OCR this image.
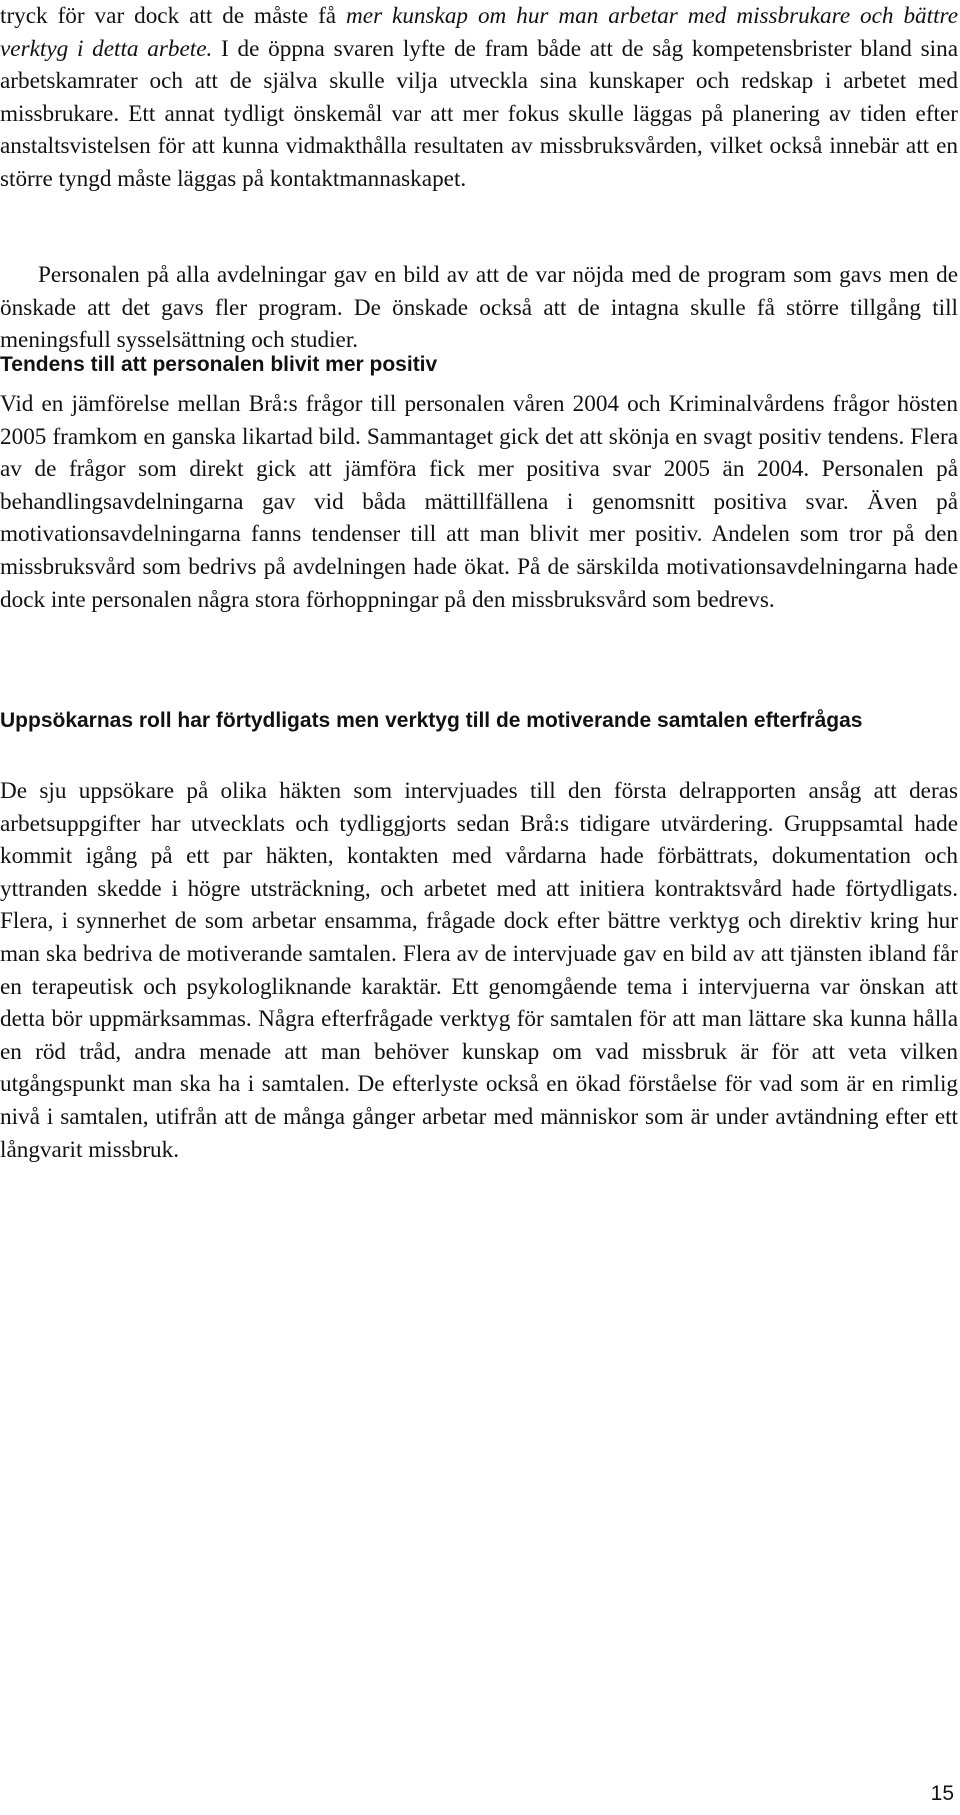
tryck för var dock att de måste få mer kunskap om hur man arbetar med missbrukare och bättre verktyg i detta arbete. I de öppna svaren lyfte de fram både att de såg kompetensbrister bland sina arbetskamrater och att de själva skulle vilja utveckla sina kunskaper och redskap i arbetet med missbrukare. Ett annat tydligt önskemål var att mer fokus skulle läggas på planering av tiden efter anstaltsvistelsen för att kunna vidmakthålla resultaten av missbruksvården, vilket också innebär att en större tyngd måste läggas på kontaktmannaskapet.

Personalen på alla avdelningar gav en bild av att de var nöjda med de program som gavs men de önskade att det gavs fler program. De önskade också att de intagna skulle få större tillgång till meningsfull sysselsättning och studier.

Tendens till att personalen blivit mer positiv

Vid en jämförelse mellan Brå:s frågor till personalen våren 2004 och Kriminalvårdens frågor hösten 2005 framkom en ganska likartad bild. Sammantaget gick det att skönja en svagt positiv tendens. Flera av de frågor som direkt gick att jämföra fick mer positiva svar 2005 än 2004. Personalen på behandlingsavdelningarna gav vid båda mättillfällena i genomsnitt positiva svar. Även på motivationsavdelningarna fanns tendenser till att man blivit mer positiv. Andelen som tror på den missbruksvård som bedrivs på avdelningen hade ökat. På de särskilda motivationsavdelningarna hade dock inte personalen några stora förhoppningar på den missbruksvård som bedrevs.

Uppsökarnas roll har förtydligats men verktyg till de motiverande samtalen efterfrågas

De sju uppsökare på olika häkten som intervjuades till den första delrapporten ansåg att deras arbetsuppgifter har utvecklats och tydliggjorts sedan Brå:s tidigare utvärdering. Gruppsamtal hade kommit igång på ett par häkten, kontakten med vårdarna hade förbättrats, dokumentation och yttranden skedde i högre utsträckning, och arbetet med att initiera kontraktsvård hade förtydligats. Flera, i synnerhet de som arbetar ensamma, frågade dock efter bättre verktyg och direktiv kring hur man ska bedriva de motiverande samtalen. Flera av de intervjuade gav en bild av att tjänsten ibland får en terapeutisk och psykologliknande karaktär. Ett genomgående tema i intervjuerna var önskan att detta bör uppmärksammas. Några efterfrågade verktyg för samtalen för att man lättare ska kunna hålla en röd tråd, andra menade att man behöver kunskap om vad missbruk är för att veta vilken utgångspunkt man ska ha i samtalen. De efterlyste också en ökad förståelse för vad som är en rimlig nivå i samtalen, utifrån att de många gånger arbetar med människor som är under avtändning efter ett långvarit missbruk.

15
